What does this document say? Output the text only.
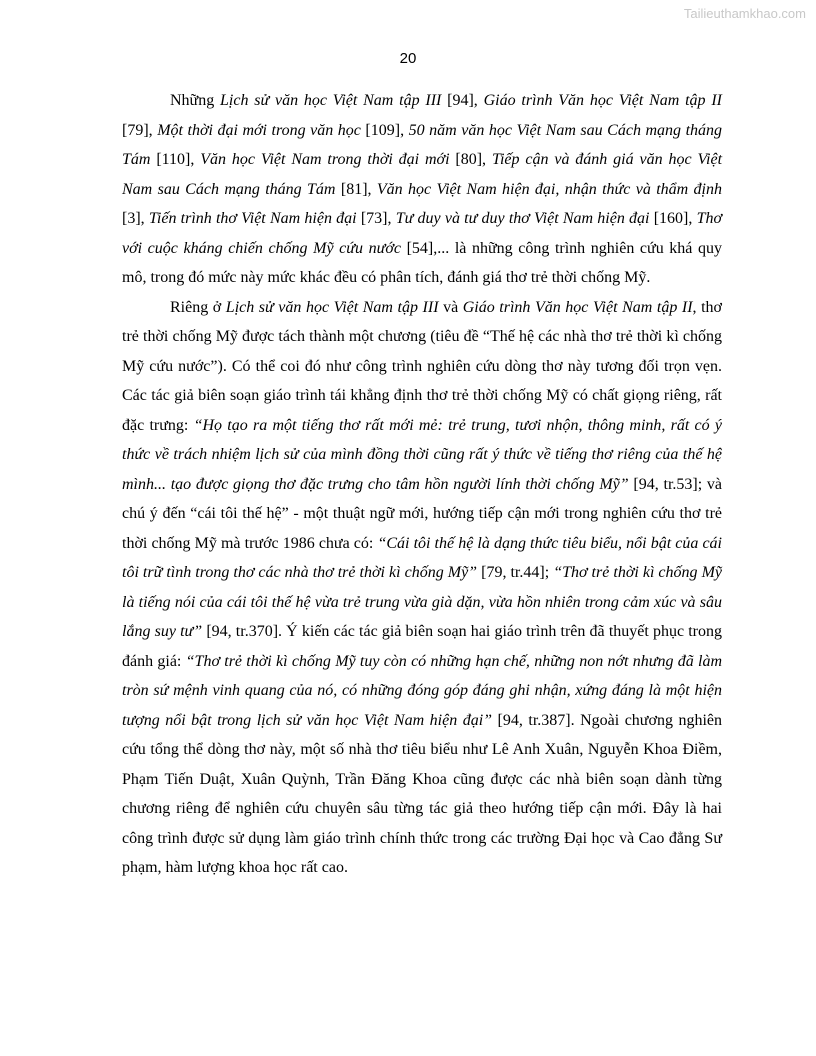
Tailieuthamkhao.com
20

Những Lịch sử văn học Việt Nam tập III [94], Giáo trình Văn học Việt Nam tập II [79], Một thời đại mới trong văn học [109], 50 năm văn học Việt Nam sau Cách mạng tháng Tám [110], Văn học Việt Nam trong thời đại mới [80], Tiếp cận và đánh giá văn học Việt Nam sau Cách mạng tháng Tám [81], Văn học Việt Nam hiện đại, nhận thức và thẩm định [3], Tiến trình thơ Việt Nam hiện đại [73], Tư duy và tư duy thơ Việt Nam hiện đại [160], Thơ với cuộc kháng chiến chống Mỹ cứu nước [54],... là những công trình nghiên cứu khá quy mô, trong đó mức này mức khác đều có phân tích, đánh giá thơ trẻ thời chống Mỹ.

Riêng ở Lịch sử văn học Việt Nam tập III và Giáo trình Văn học Việt Nam tập II, thơ trẻ thời chống Mỹ được tách thành một chương (tiêu đề “Thế hệ các nhà thơ trẻ thời kì chống Mỹ cứu nước”). Có thể coi đó như công trình nghiên cứu dòng thơ này tương đối trọn vẹn. Các tác giả biên soạn giáo trình tái khẳng định thơ trẻ thời chống Mỹ có chất giọng riêng, rất đặc trưng: “Họ tạo ra một tiếng thơ rất mới mẻ: trẻ trung, tươi nhộn, thông minh, rất có ý thức về trách nhiệm lịch sử của mình đồng thời cũng rất ý thức về tiếng thơ riêng của thế hệ mình... tạo được giọng thơ đặc trưng cho tâm hồn người lính thời chống Mỹ” [94, tr.53]; và chú ý đến “cái tôi thế hệ” - một thuật ngữ mới, hướng tiếp cận mới trong nghiên cứu thơ trẻ thời chống Mỹ mà trước 1986 chưa có: “Cái tôi thế hệ là dạng thức tiêu biểu, nổi bật của cái tôi trữ tình trong thơ các nhà thơ trẻ thời kì chống Mỹ” [79, tr.44]; “Thơ trẻ thời kì chống Mỹ là tiếng nói của cái tôi thế hệ vừa trẻ trung vừa già dặn, vừa hồn nhiên trong cảm xúc và sâu lắng suy tư” [94, tr.370]. Ý kiến các tác giả biên soạn hai giáo trình trên đã thuyết phục trong đánh giá: “Thơ trẻ thời kì chống Mỹ tuy còn có những hạn chế, những non nớt nhưng đã làm tròn sứ mệnh vinh quang của nó, có những đóng góp đáng ghi nhận, xứng đáng là một hiện tượng nổi bật trong lịch sử văn học Việt Nam hiện đại” [94, tr.387]. Ngoài chương nghiên cứu tổng thể dòng thơ này, một số nhà thơ tiêu biểu như Lê Anh Xuân, Nguyễn Khoa Điềm, Phạm Tiến Duật, Xuân Quỳnh, Trần Đăng Khoa cũng được các nhà biên soạn dành từng chương riêng để nghiên cứu chuyên sâu từng tác giả theo hướng tiếp cận mới. Đây là hai công trình được sử dụng làm giáo trình chính thức trong các trường Đại học và Cao đẳng Sư phạm, hàm lượng khoa học rất cao.
